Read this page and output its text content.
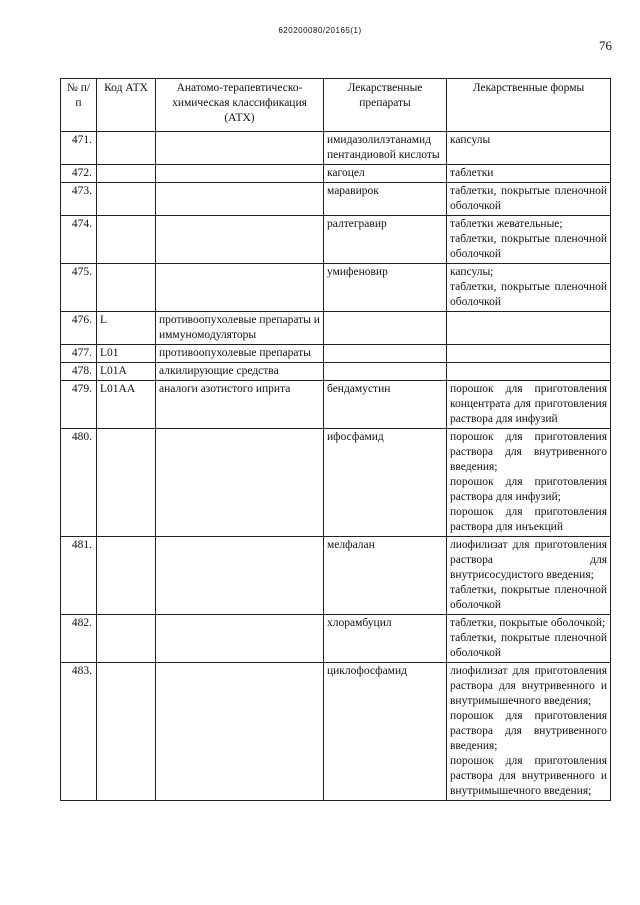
620200080/20165(1)
76
№ п/п	Код АТХ	Анатомо-терапевтическо-химическая классификация (АТХ)	Лекарственные препараты	Лекарственные формы
471.			имидазолилэтанамид пентандиовой кислоты	капсулы

472.			кагоцел	таблетки

473.			маравирок	таблетки, покрытые пленочной оболочкой

474.			ралтегравир	таблетки жевательные;
таблетки, покрытые пленочной оболочкой

475.			умифеновир	капсулы;
таблетки, покрытые пленочной оболочкой

476.	L	противоопухолевые препараты и иммуномодуляторы		
477.	L01	противоопухолевые препараты		
478.	L01A	алкилирующие средства		
479.	L01AA	аналоги азотистого иприта	бендамустин	порошок для приготовления концентрата для приготовления раствора для инфузий

480.			ифосфамид	порошок для приготовления раствора для внутривенного введения;
порошок для приготовления раствора для инфузий;
порошок для приготовления раствора для инъекций

481.			мелфалан	лиофилизат для приготовления раствора для внутрисосудистого введения;
таблетки, покрытые пленочной оболочкой

482.			хлорамбуцил	таблетки, покрытые оболочкой;
таблетки, покрытые пленочной оболочкой

483.			циклофосфамид	лиофилизат для приготовления раствора для внутривенного и внутримышечного введения;
порошок для приготовления раствора для внутривенного введения;
порошок для приготовления раствора для внутривенного и внутримышечного введения;
